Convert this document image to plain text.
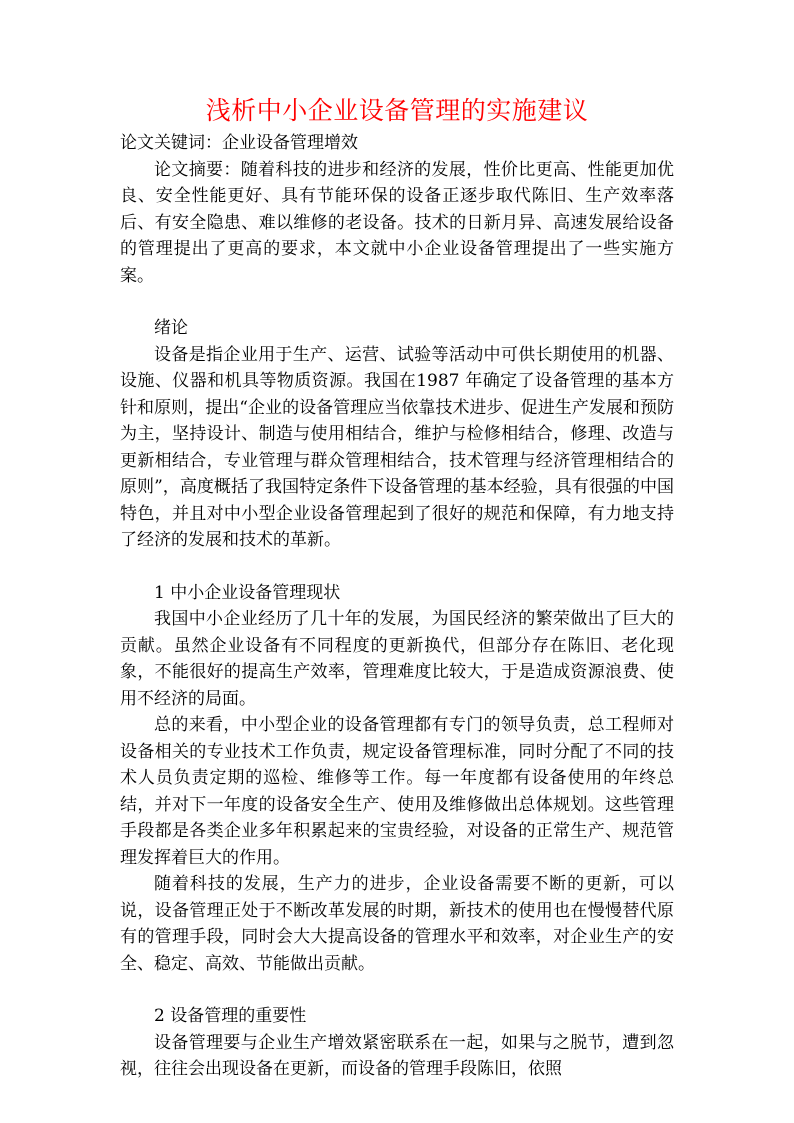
浅析中小企业设备管理的实施建议

论文关键词：企业设备管理增效

论文摘要：随着科技的进步和经济的发展，性价比更高、性能更加优良、安全性能更好、具有节能环保的设备正逐步取代陈旧、生产效率落后、有安全隐患、难以维修的老设备。技术的日新月异、高速发展给设备的管理提出了更高的要求，本文就中小企业设备管理提出了一些实施方案。

绪论

设备是指企业用于生产、运营、试验等活动中可供长期使用的机器、设施、仪器和机具等物质资源。我国在1987 年确定了设备管理的基本方针和原则，提出“企业的设备管理应当依靠技术进步、促进生产发展和预防为主，坚持设计、制造与使用相结合，维护与检修相结合，修理、改造与更新相结合，专业管理与群众管理相结合，技术管理与经济管理相结合的原则”，高度概括了我国特定条件下设备管理的基本经验，具有很强的中国特色，并且对中小型企业设备管理起到了很好的规范和保障，有力地支持了经济的发展和技术的革新。

1 中小企业设备管理现状

我国中小企业经历了几十年的发展，为国民经济的繁荣做出了巨大的贡献。虽然企业设备有不同程度的更新换代，但部分存在陈旧、老化现象，不能很好的提高生产效率，管理难度比较大，于是造成资源浪费、使用不经济的局面。

总的来看，中小型企业的设备管理都有专门的领导负责，总工程师对设备相关的专业技术工作负责，规定设备管理标准，同时分配了不同的技术人员负责定期的巡检、维修等工作。每一年度都有设备使用的年终总结，并对下一年度的设备安全生产、使用及维修做出总体规划。这些管理手段都是各类企业多年积累起来的宝贵经验，对设备的正常生产、规范管理发挥着巨大的作用。

随着科技的发展，生产力的进步，企业设备需要不断的更新，可以说，设备管理正处于不断改革发展的时期，新技术的使用也在慢慢替代原有的管理手段，同时会大大提高设备的管理水平和效率，对企业生产的安全、稳定、高效、节能做出贡献。

2 设备管理的重要性

设备管理要与企业生产增效紧密联系在一起，如果与之脱节，遭到忽视，往往会出现设备在更新，而设备的管理手段陈旧，依照
